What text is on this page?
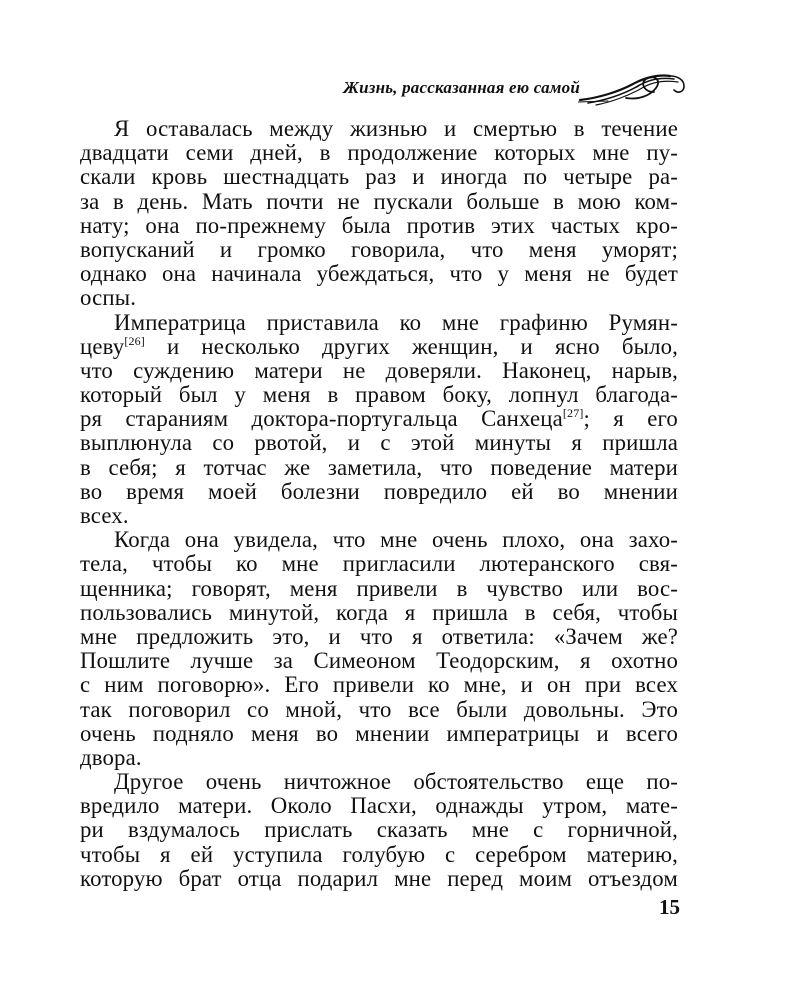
Жизнь, рассказанная ею самой
Я оставалась между жизнью и смертью в течение
двадцати семи дней, в продолжение которых мне пу-
скали кровь шестнадцать раз и иногда по четыре ра-
за в день. Мать почти не пускали больше в мою ком-
нату; она по-прежнему была против этих частых кро-
вопусканий и громко говорила, что меня уморят;
однако она начинала убеждаться, что у меня не будет
оспы.
Императрица приставила ко мне графиню Румян-
цеву[26] и несколько других женщин, и ясно было,
что суждению матери не доверяли. Наконец, нарыв,
который был у меня в правом боку, лопнул благода-
ря стараниям доктора-португальца Санхеца[27]; я его
выплюнула со рвотой, и с этой минуты я пришла
в себя; я тотчас же заметила, что поведение матери
во время моей болезни повредило ей во мнении
всех.
Когда она увидела, что мне очень плохо, она захо-
тела, чтобы ко мне пригласили лютеранского свя-
щенника; говорят, меня привели в чувство или вос-
пользовались минутой, когда я пришла в себя, чтобы
мне предложить это, и что я ответила: «Зачем же?
Пошлите лучше за Симеоном Теодорским, я охотно
с ним поговорю». Его привели ко мне, и он при всех
так поговорил со мной, что все были довольны. Это
очень подняло меня во мнении императрицы и всего
двора.
Другое очень ничтожное обстоятельство еще по-
вредило матери. Около Пасхи, однажды утром, мате-
ри вздумалось прислать сказать мне с горничной,
чтобы я ей уступила голубую с серебром материю,
которую брат отца подарил мне перед моим отъездом
15
